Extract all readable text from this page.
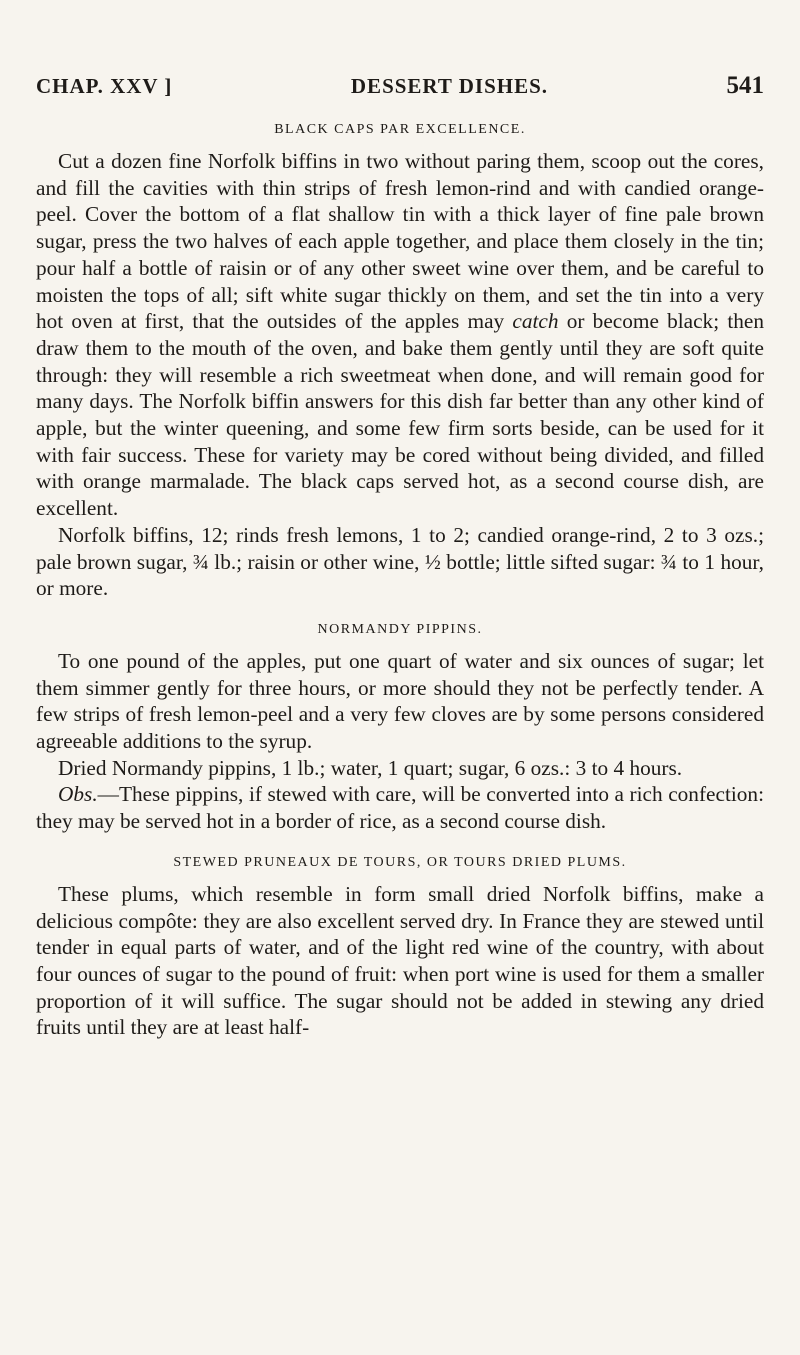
CHAP. XXV ]	DESSERT DISHES.	541
BLACK CAPS PAR EXCELLENCE.

Cut a dozen fine Norfolk biffins in two without paring them, scoop out the cores, and fill the cavities with thin strips of fresh lemon-rind and with candied orange-peel. Cover the bottom of a flat shallow tin with a thick layer of fine pale brown sugar, press the two halves of each apple together, and place them closely in the tin; pour half a bottle of raisin or of any other sweet wine over them, and be careful to moisten the tops of all; sift white sugar thickly on them, and set the tin into a very hot oven at first, that the outsides of the apples may catch or become black; then draw them to the mouth of the oven, and bake them gently until they are soft quite through: they will resemble a rich sweetmeat when done, and will remain good for many days. The Norfolk biffin answers for this dish far better than any other kind of apple, but the winter queening, and some few firm sorts beside, can be used for it with fair success. These for variety may be cored without being divided, and filled with orange marmalade. The black caps served hot, as a second course dish, are excellent.

Norfolk biffins, 12; rinds fresh lemons, 1 to 2; candied orange-rind, 2 to 3 ozs.; pale brown sugar, ¾ lb.; raisin or other wine, ½ bottle; little sifted sugar: ¾ to 1 hour, or more.

NORMANDY PIPPINS.

To one pound of the apples, put one quart of water and six ounces of sugar; let them simmer gently for three hours, or more should they not be perfectly tender. A few strips of fresh lemon-peel and a very few cloves are by some persons considered agreeable additions to the syrup.

Dried Normandy pippins, 1 lb.; water, 1 quart; sugar, 6 ozs.: 3 to 4 hours.

Obs.—These pippins, if stewed with care, will be converted into a rich confection: they may be served hot in a border of rice, as a second course dish.

STEWED PRUNEAUX DE TOURS, OR TOURS DRIED PLUMS.

These plums, which resemble in form small dried Norfolk biffins, make a delicious compôte: they are also excellent served dry. In France they are stewed until tender in equal parts of water, and of the light red wine of the country, with about four ounces of sugar to the pound of fruit: when port wine is used for them a smaller proportion of it will suffice. The sugar should not be added in stewing any dried fruits until they are at least half-
